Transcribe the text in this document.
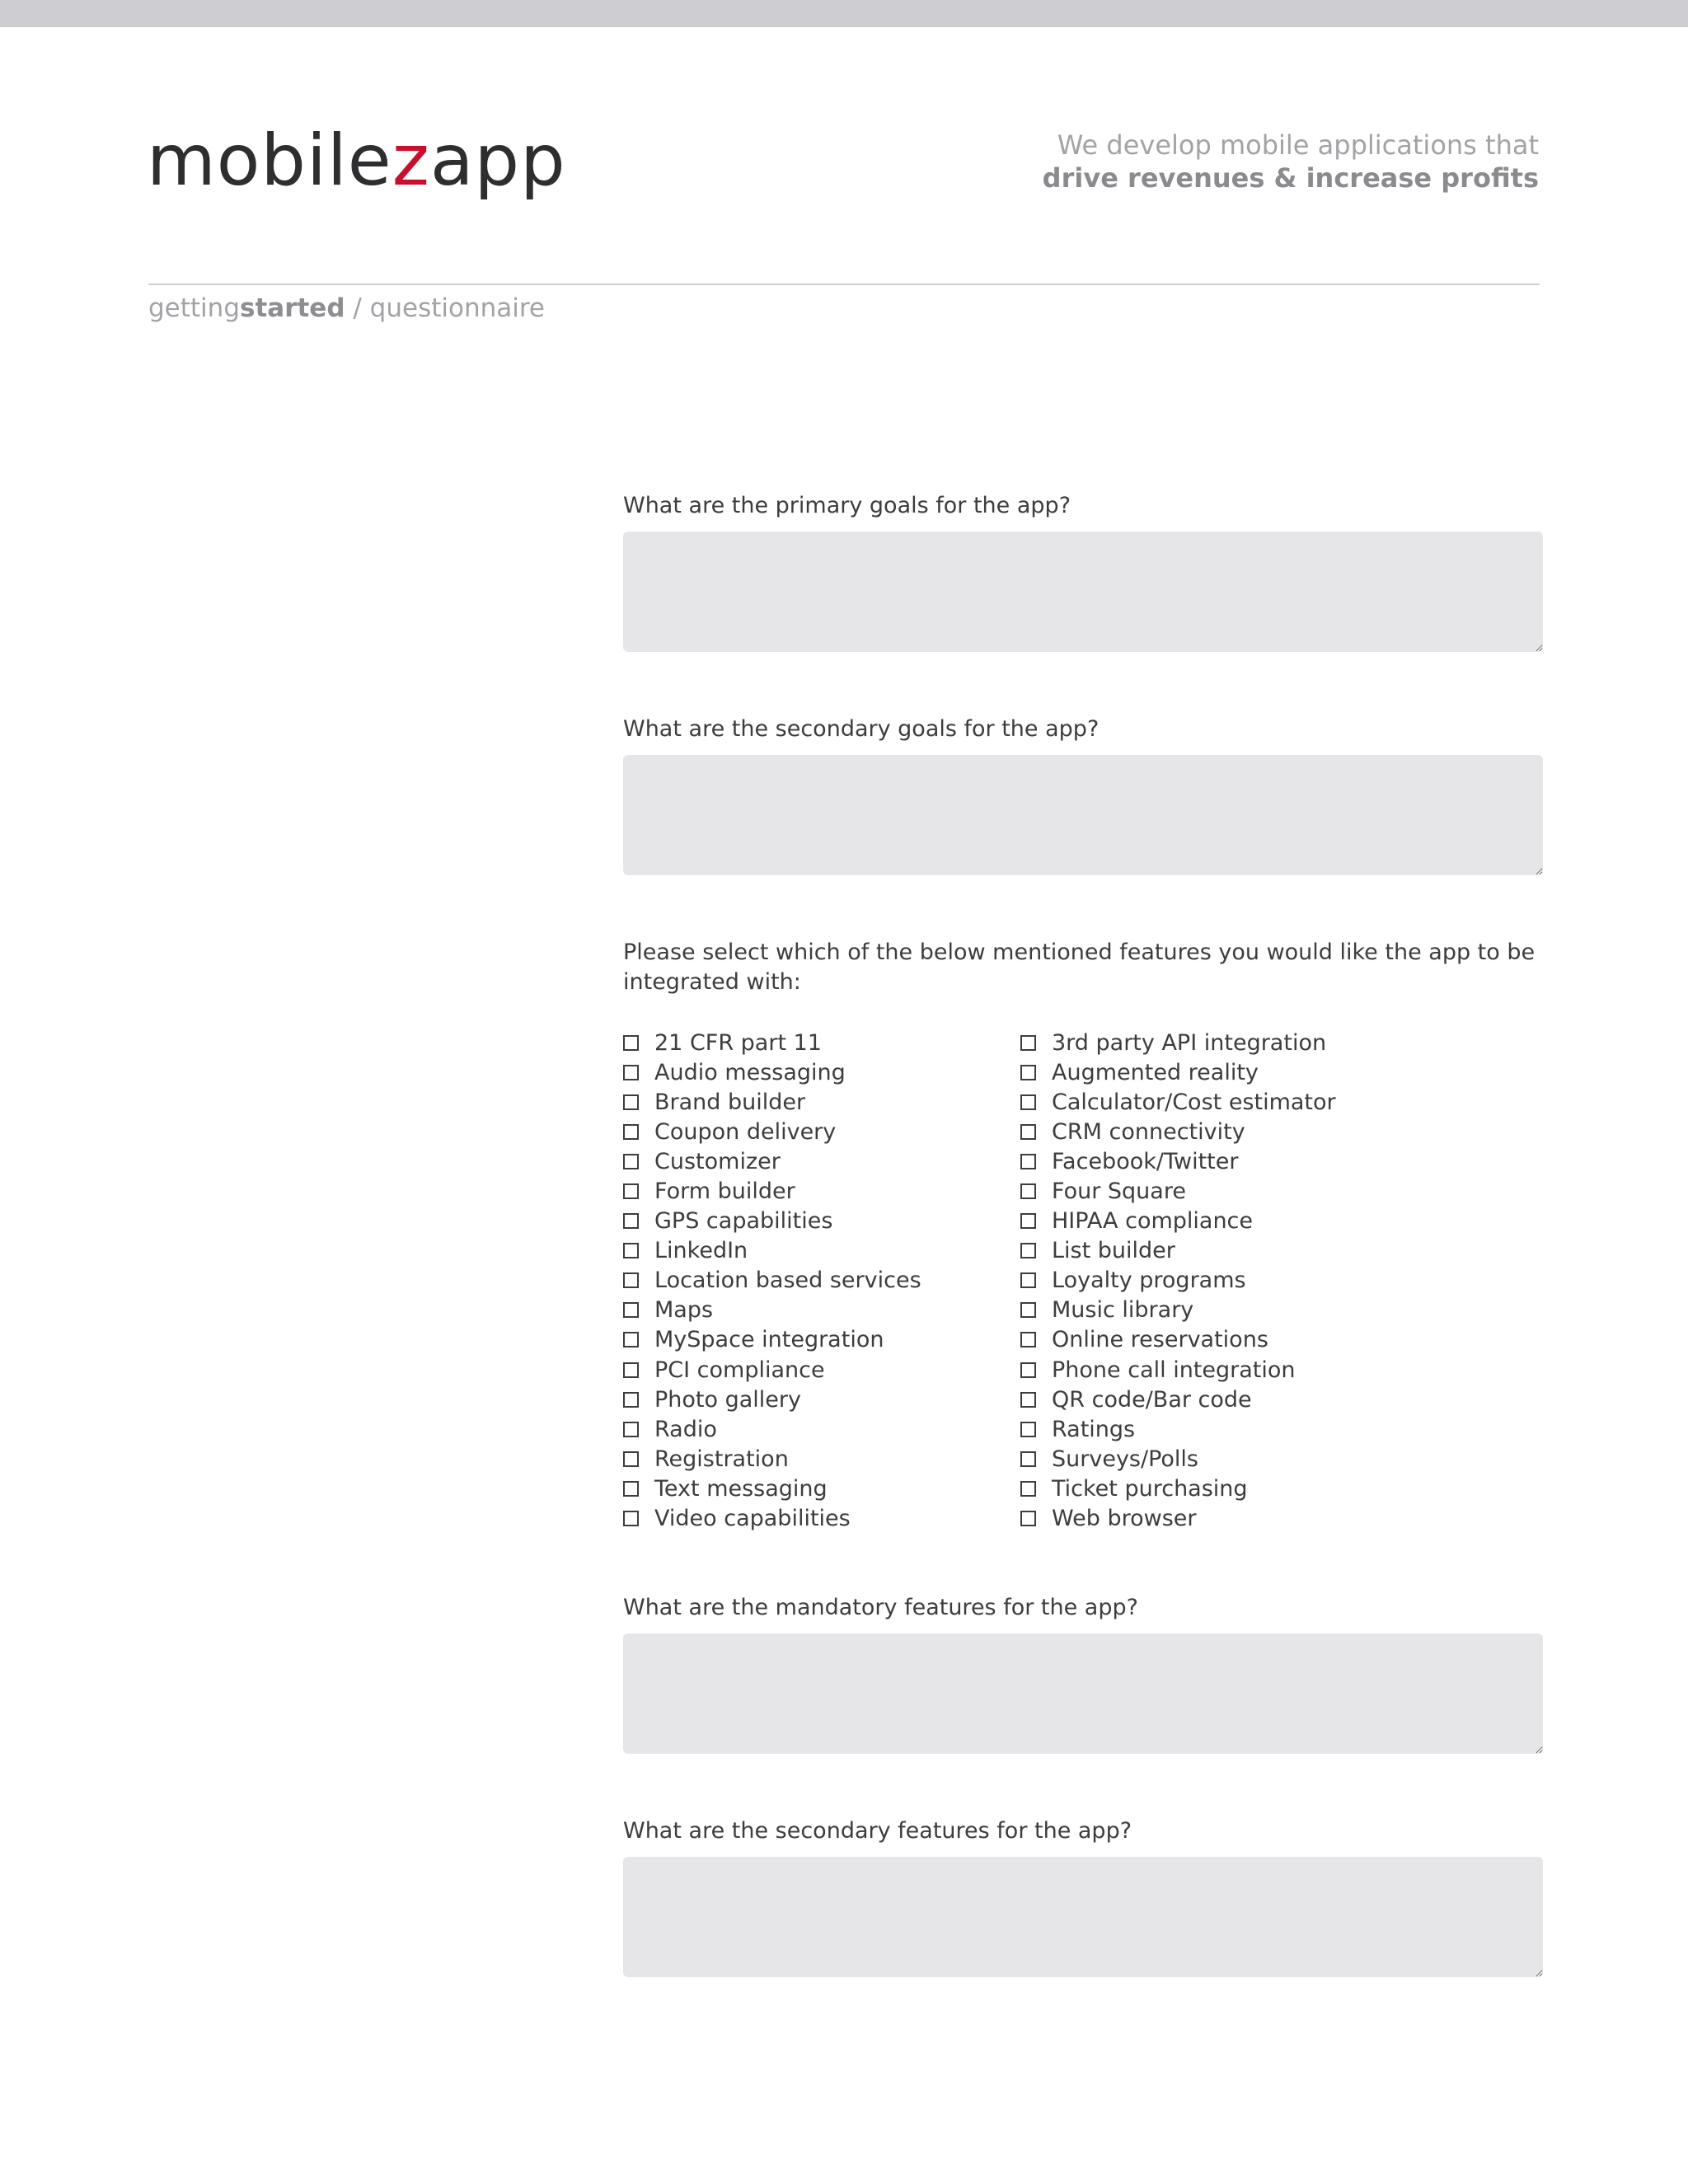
mobilezapp	We develop mobile applications that
drive revenues & increase profits
gettingstarted / questionnaire
What are the primary goals for the app?
What are the secondary goals for the app?
Please select which of the below mentioned features you would like the app to be integrated with:
21 CFR part 11
Audio messaging
Brand builder
Coupon delivery
Customizer
Form builder
GPS capabilities
LinkedIn
Location based services
Maps
MySpace integration
PCI compliance
Photo gallery
Radio
Registration
Text messaging
Video capabilities
3rd party API integration
Augmented reality
Calculator/Cost estimator
CRM connectivity
Facebook/Twitter
Four Square
HIPAA compliance
List builder
Loyalty programs
Music library
Online reservations
Phone call integration
QR code/Bar code
Ratings
Surveys/Polls
Ticket purchasing
Web browser
What are the mandatory features for the app?
What are the secondary features for the app?
